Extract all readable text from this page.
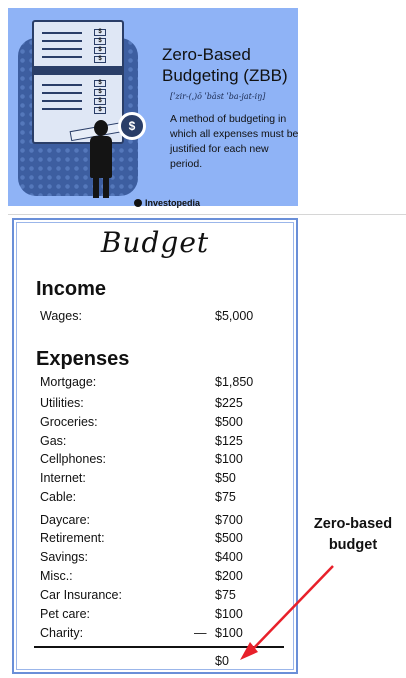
$
$
$
$
$
$
$
$
$
Zero-Based Budgeting (ZBB)
[ˈzir-(ˌ)ō ˈbāst ˈba-jat-iŋ]
A method of budgeting in which all expenses must be justified for each new period.
Investopedia
Budget
Income
Wages:	$5,000
Expenses
Mortgage:	$1,850
Utilities:	$225
Groceries:	$500
Gas:	$125
Cellphones:	$100
Internet:	$50
Cable:	$75
Daycare:	$700
Retirement:	$500
Savings:	$400
Misc.:	$200
Car Insurance:	$75
Pet care:	$100
Charity:	— $100
$0
Zero-based
budget
